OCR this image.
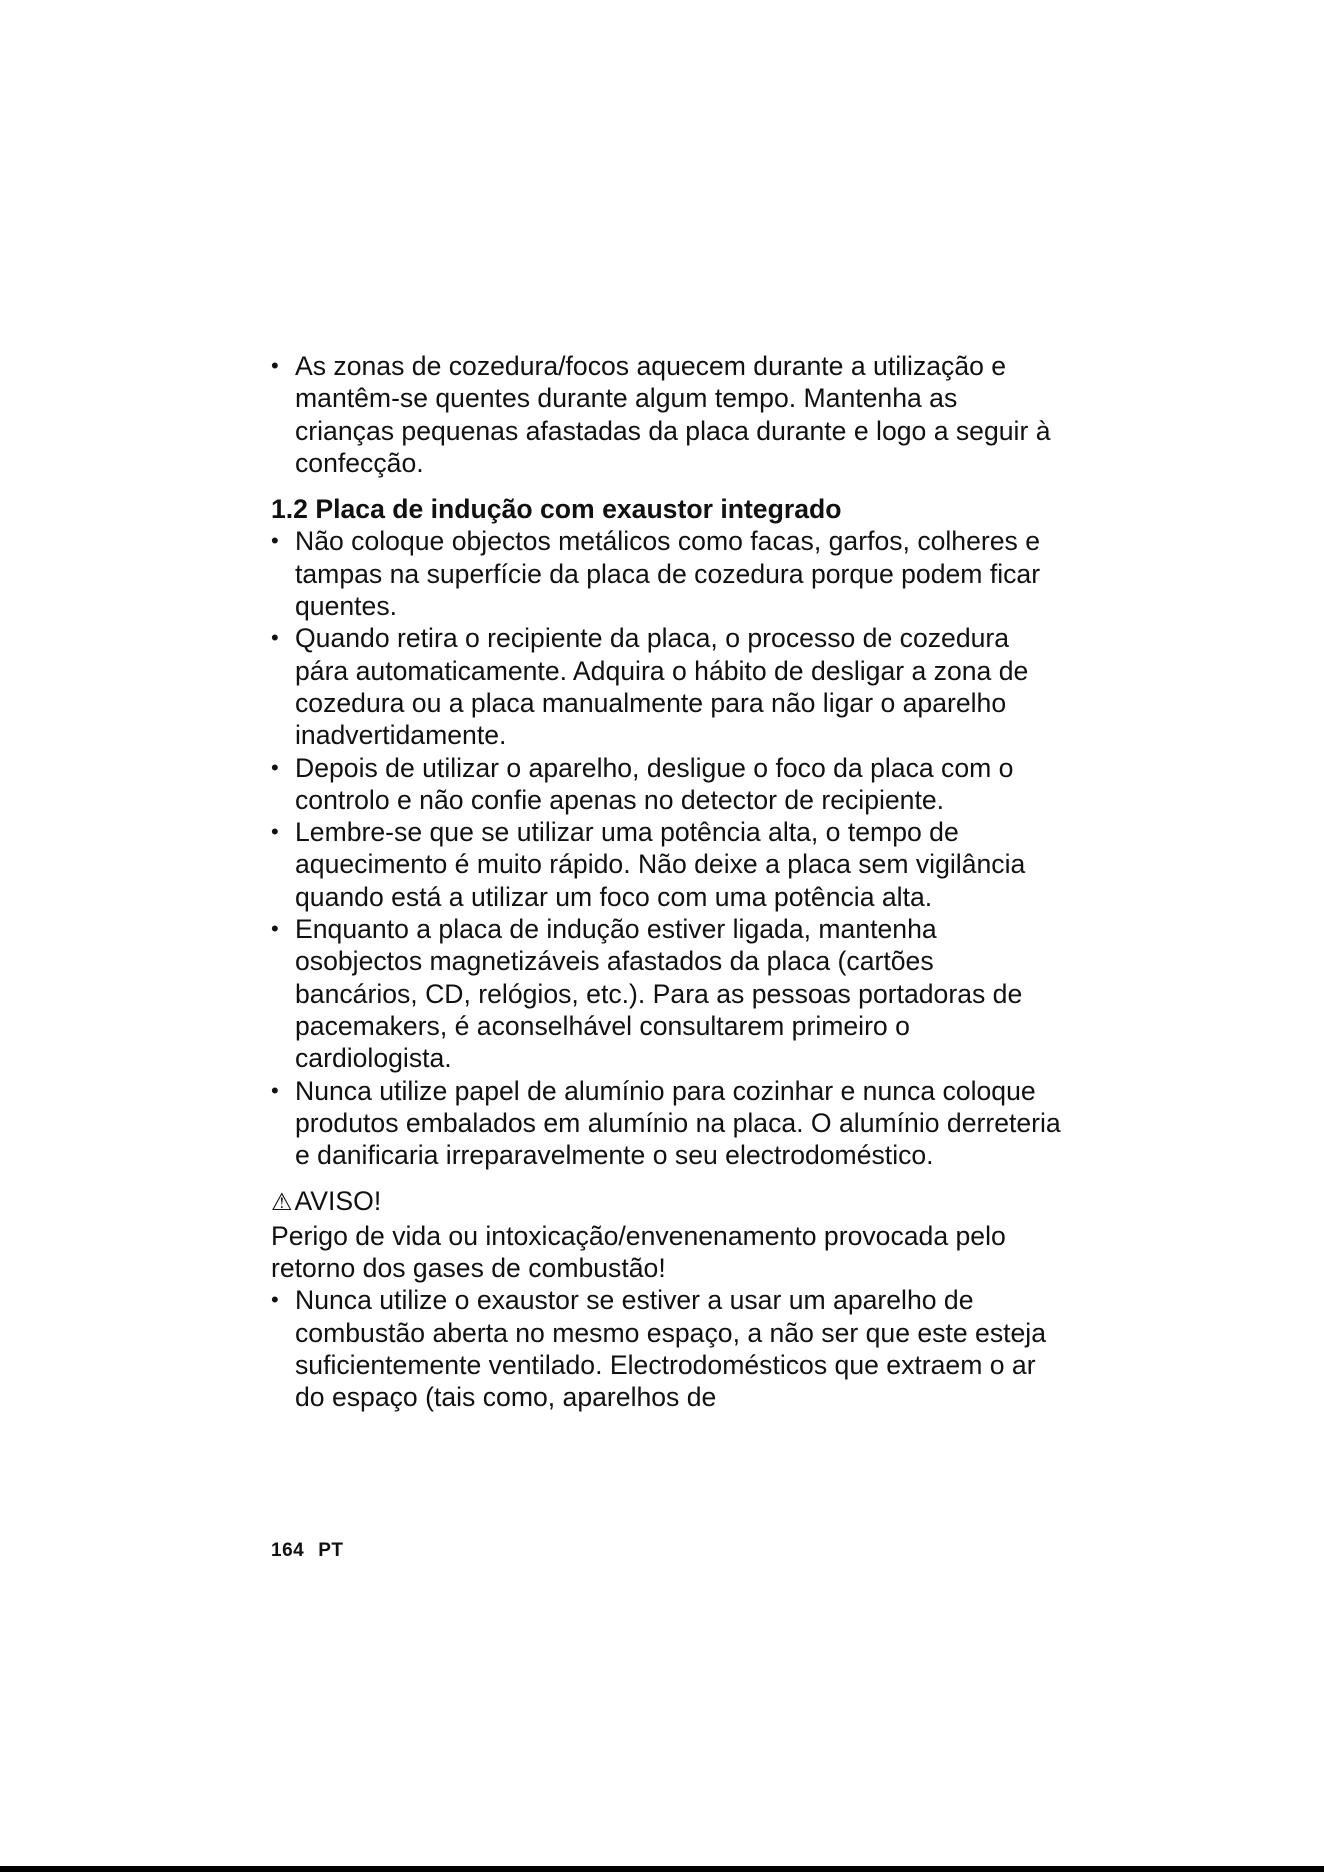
• As zonas de cozedura/focos aquecem durante a utilização e mantêm-se quentes durante algum tempo. Mantenha as crianças pequenas afastadas da placa durante e logo a seguir à confecção.
1.2 Placa de indução com exaustor integrado
• Não coloque objectos metálicos como facas, garfos, colheres e tampas na superfície da placa de cozedura porque podem ficar quentes.
• Quando retira o recipiente da placa, o processo de cozedura pára automaticamente. Adquira o hábito de desligar a zona de cozedura ou a placa manualmente para não ligar o aparelho inadvertidamente.
• Depois de utilizar o aparelho, desligue o foco da placa com o controlo e não confie apenas no detector de recipiente.
• Lembre-se que se utilizar uma potência alta, o tempo de aquecimento é muito rápido. Não deixe a placa sem vigilância quando está a utilizar um foco com uma potência alta.
• Enquanto a placa de indução estiver ligada, mantenha osobjectos magnetizáveis afastados da placa (cartões bancários, CD, relógios, etc.). Para as pessoas portadoras de pacemakers, é aconselhável consultarem primeiro o cardiologista.
• Nunca utilize papel de alumínio para cozinhar e nunca coloque produtos embalados em alumínio na placa. O alumínio derreteria e danificaria irreparavelmente o seu electrodoméstico.
⚠AVISO!

Perigo de vida ou intoxicação/envenenamento provocada pelo retorno dos gases de combustão!

• Nunca utilize o exaustor se estiver a usar um aparelho de combustão aberta no mesmo espaço, a não ser que este esteja suficientemente ventilado. Electrodomésticos que extraem o ar do espaço (tais como, aparelhos de
164 PT
